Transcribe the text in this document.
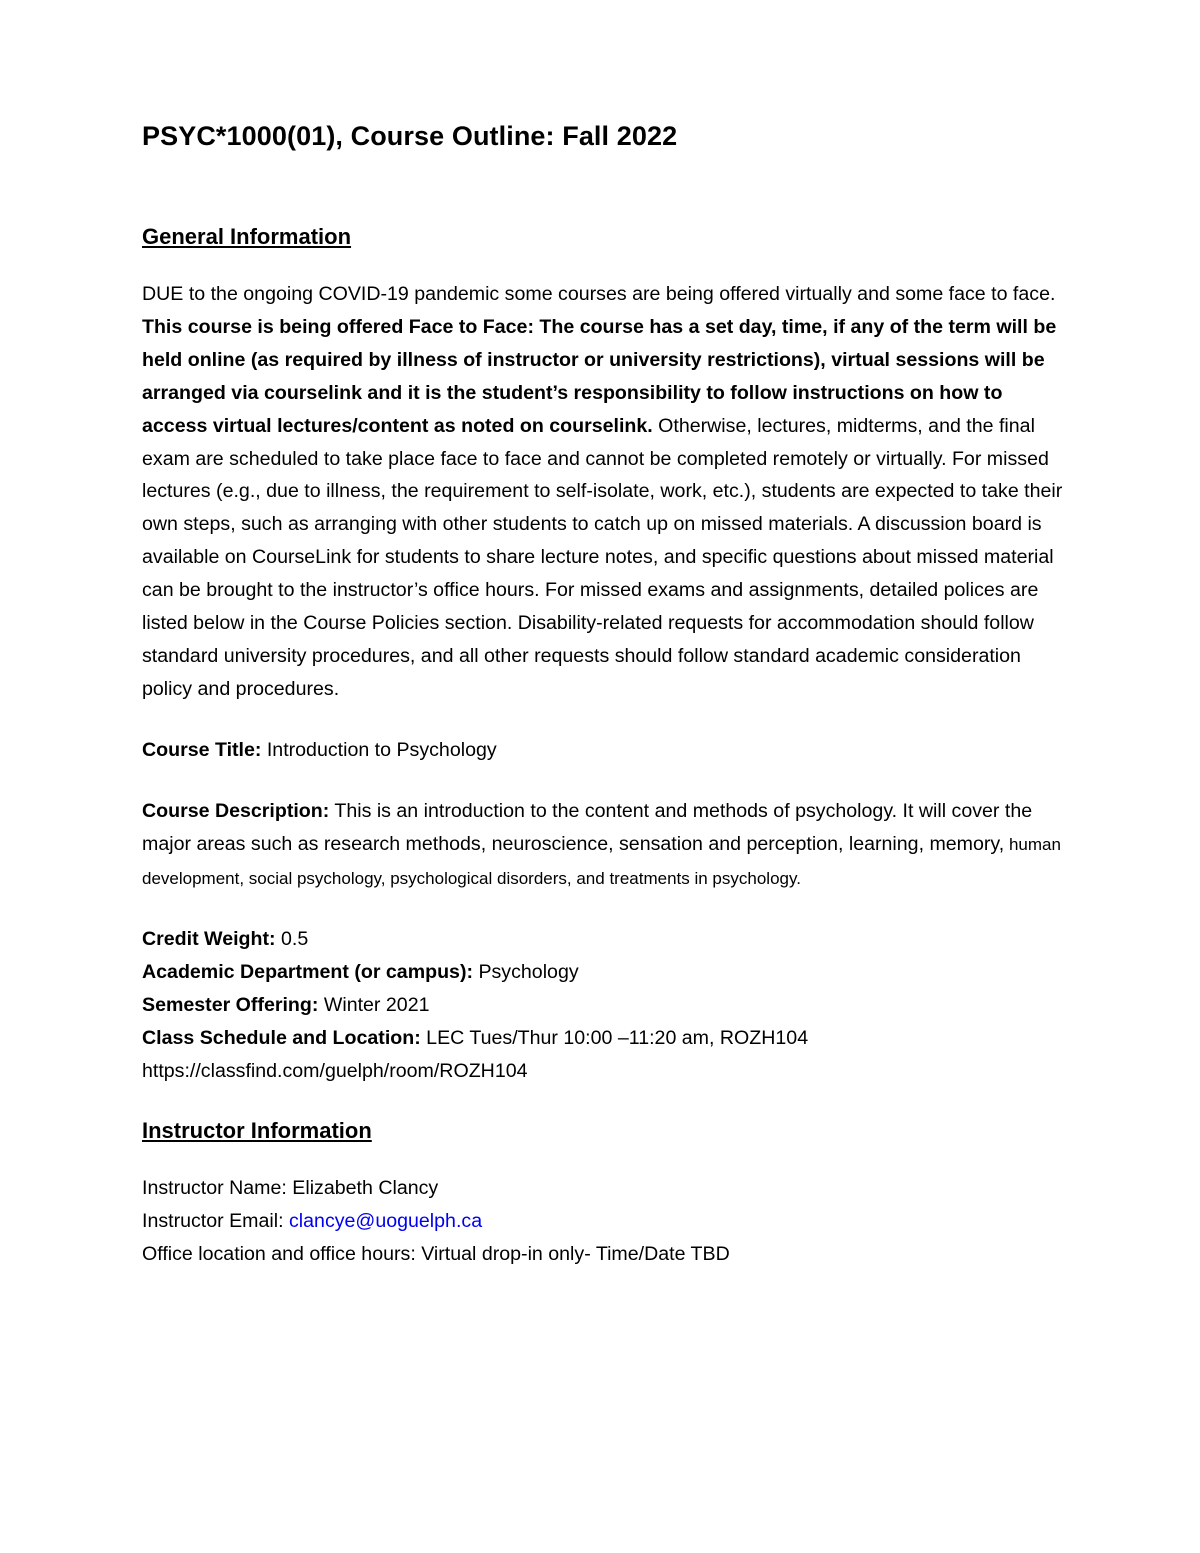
PSYC*1000(01), Course Outline: Fall 2022
General Information

DUE to the ongoing COVID-19 pandemic some courses are being offered virtually and some face to face. This course is being offered Face to Face: The course has a set day, time, if any of the term will be held online (as required by illness of instructor or university restrictions), virtual sessions will be arranged via courselink and it is the student’s responsibility to follow instructions on how to access virtual lectures/content as noted on courselink. Otherwise, lectures, midterms, and the final exam are scheduled to take place face to face and cannot be completed remotely or virtually. For missed lectures (e.g., due to illness, the requirement to self-isolate, work, etc.), students are expected to take their own steps, such as arranging with other students to catch up on missed materials. A discussion board is available on CourseLink for students to share lecture notes, and specific questions about missed material can be brought to the instructor’s office hours. For missed exams and assignments, detailed polices are listed below in the Course Policies section. Disability-related requests for accommodation should follow standard university procedures, and all other requests should follow standard academic consideration policy and procedures.

Course Title: Introduction to Psychology

Course Description: This is an introduction to the content and methods of psychology. It will cover the major areas such as research methods, neuroscience, sensation and perception, learning, memory, human development, social psychology, psychological disorders, and treatments in psychology.

Credit Weight: 0.5

Academic Department (or campus): Psychology

Semester Offering: Winter 2021

Class Schedule and Location: LEC Tues/Thur 10:00 –11:20 am, ROZH104

https://classfind.com/guelph/room/ROZH104

Instructor Information

Instructor Name: Elizabeth Clancy

Instructor Email: clancye@uoguelph.ca

Office location and office hours: Virtual drop-in only- Time/Date TBD
